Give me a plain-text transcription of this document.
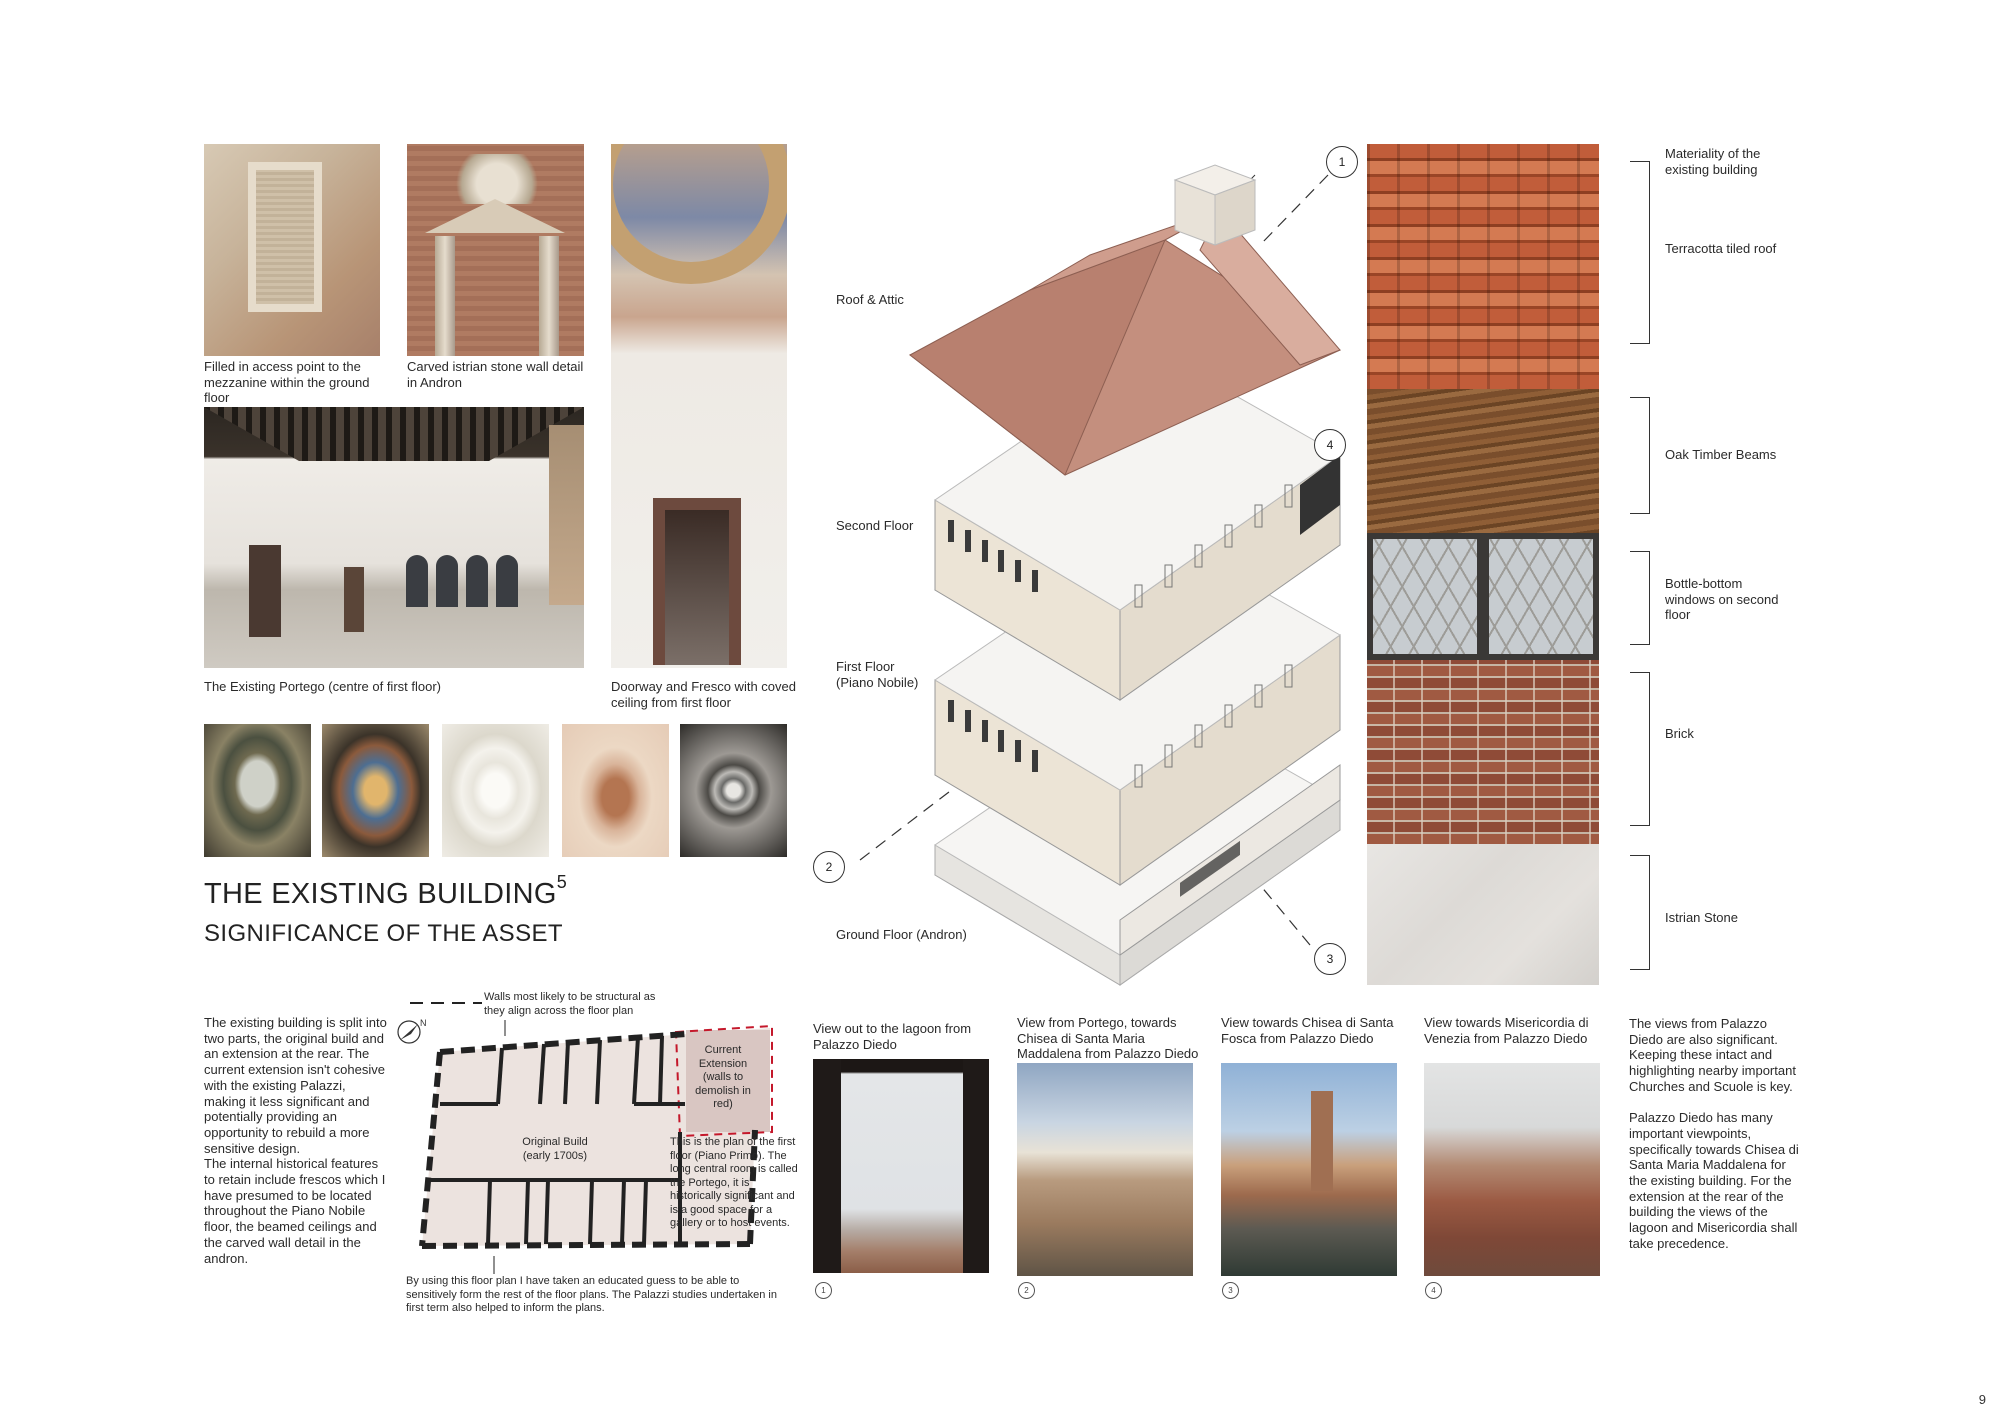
Filled in access point to the mezzanine within the ground floor
Carved istrian stone wall detail in Andron
Doorway and Fresco with coved ceiling from first floor
The Existing Portego (centre of first floor)
THE EXISTING BUILDING$^5$
SIGNIFICANCE OF THE ASSET
1
4
2
3
Roof & Attic
Second Floor
First Floor
(Piano Nobile)
Ground Floor (Andron)
Materiality of the existing building
Terracotta tiled roof
Oak Timber Beams
Bottle-bottom windows on second floor
Brick
Istrian Stone
The existing building is split into two parts, the original build and an extension at the rear. The current extension isn't cohesive with the existing Palazzi, making it less significant and potentially providing an opportunity to rebuild a more sensitive design.
The internal historical features to retain include frescos which I have presumed to be located throughout the Piano Nobile floor, the beamed ceilings and the carved wall detail in the andron.
Walls most likely to be structural as they align across the floor plan
N
Current Extension (walls to demolish in red)
Original Build (early 1700s)
This is the plan of the first floor (Piano Primo). The long central room is called the Portego, it is historically significant and is a good space for a gallery or to host events.
By using this floor plan I have taken an educated guess to be able to sensitively form the rest of the floor plans. The Palazzi studies undertaken in first term also helped to inform the plans.
View out to the lagoon from Palazzo Diedo
1
View from Portego, towards Chisea di Santa Maria Maddalena from Palazzo Diedo
2
View towards Chisea di Santa Fosca from Palazzo Diedo
3
View towards Misericordia di Venezia from Palazzo Diedo
4
The views from Palazzo Diedo are also significant. Keeping these intact and highlighting nearby important Churches and Scuole is key.

Palazzo Diedo has many important viewpoints, specifically towards Chisea di Santa Maria Maddalena for the existing building. For the extension at the rear of the building the views of the lagoon and Misericordia shall take precedence.
9
